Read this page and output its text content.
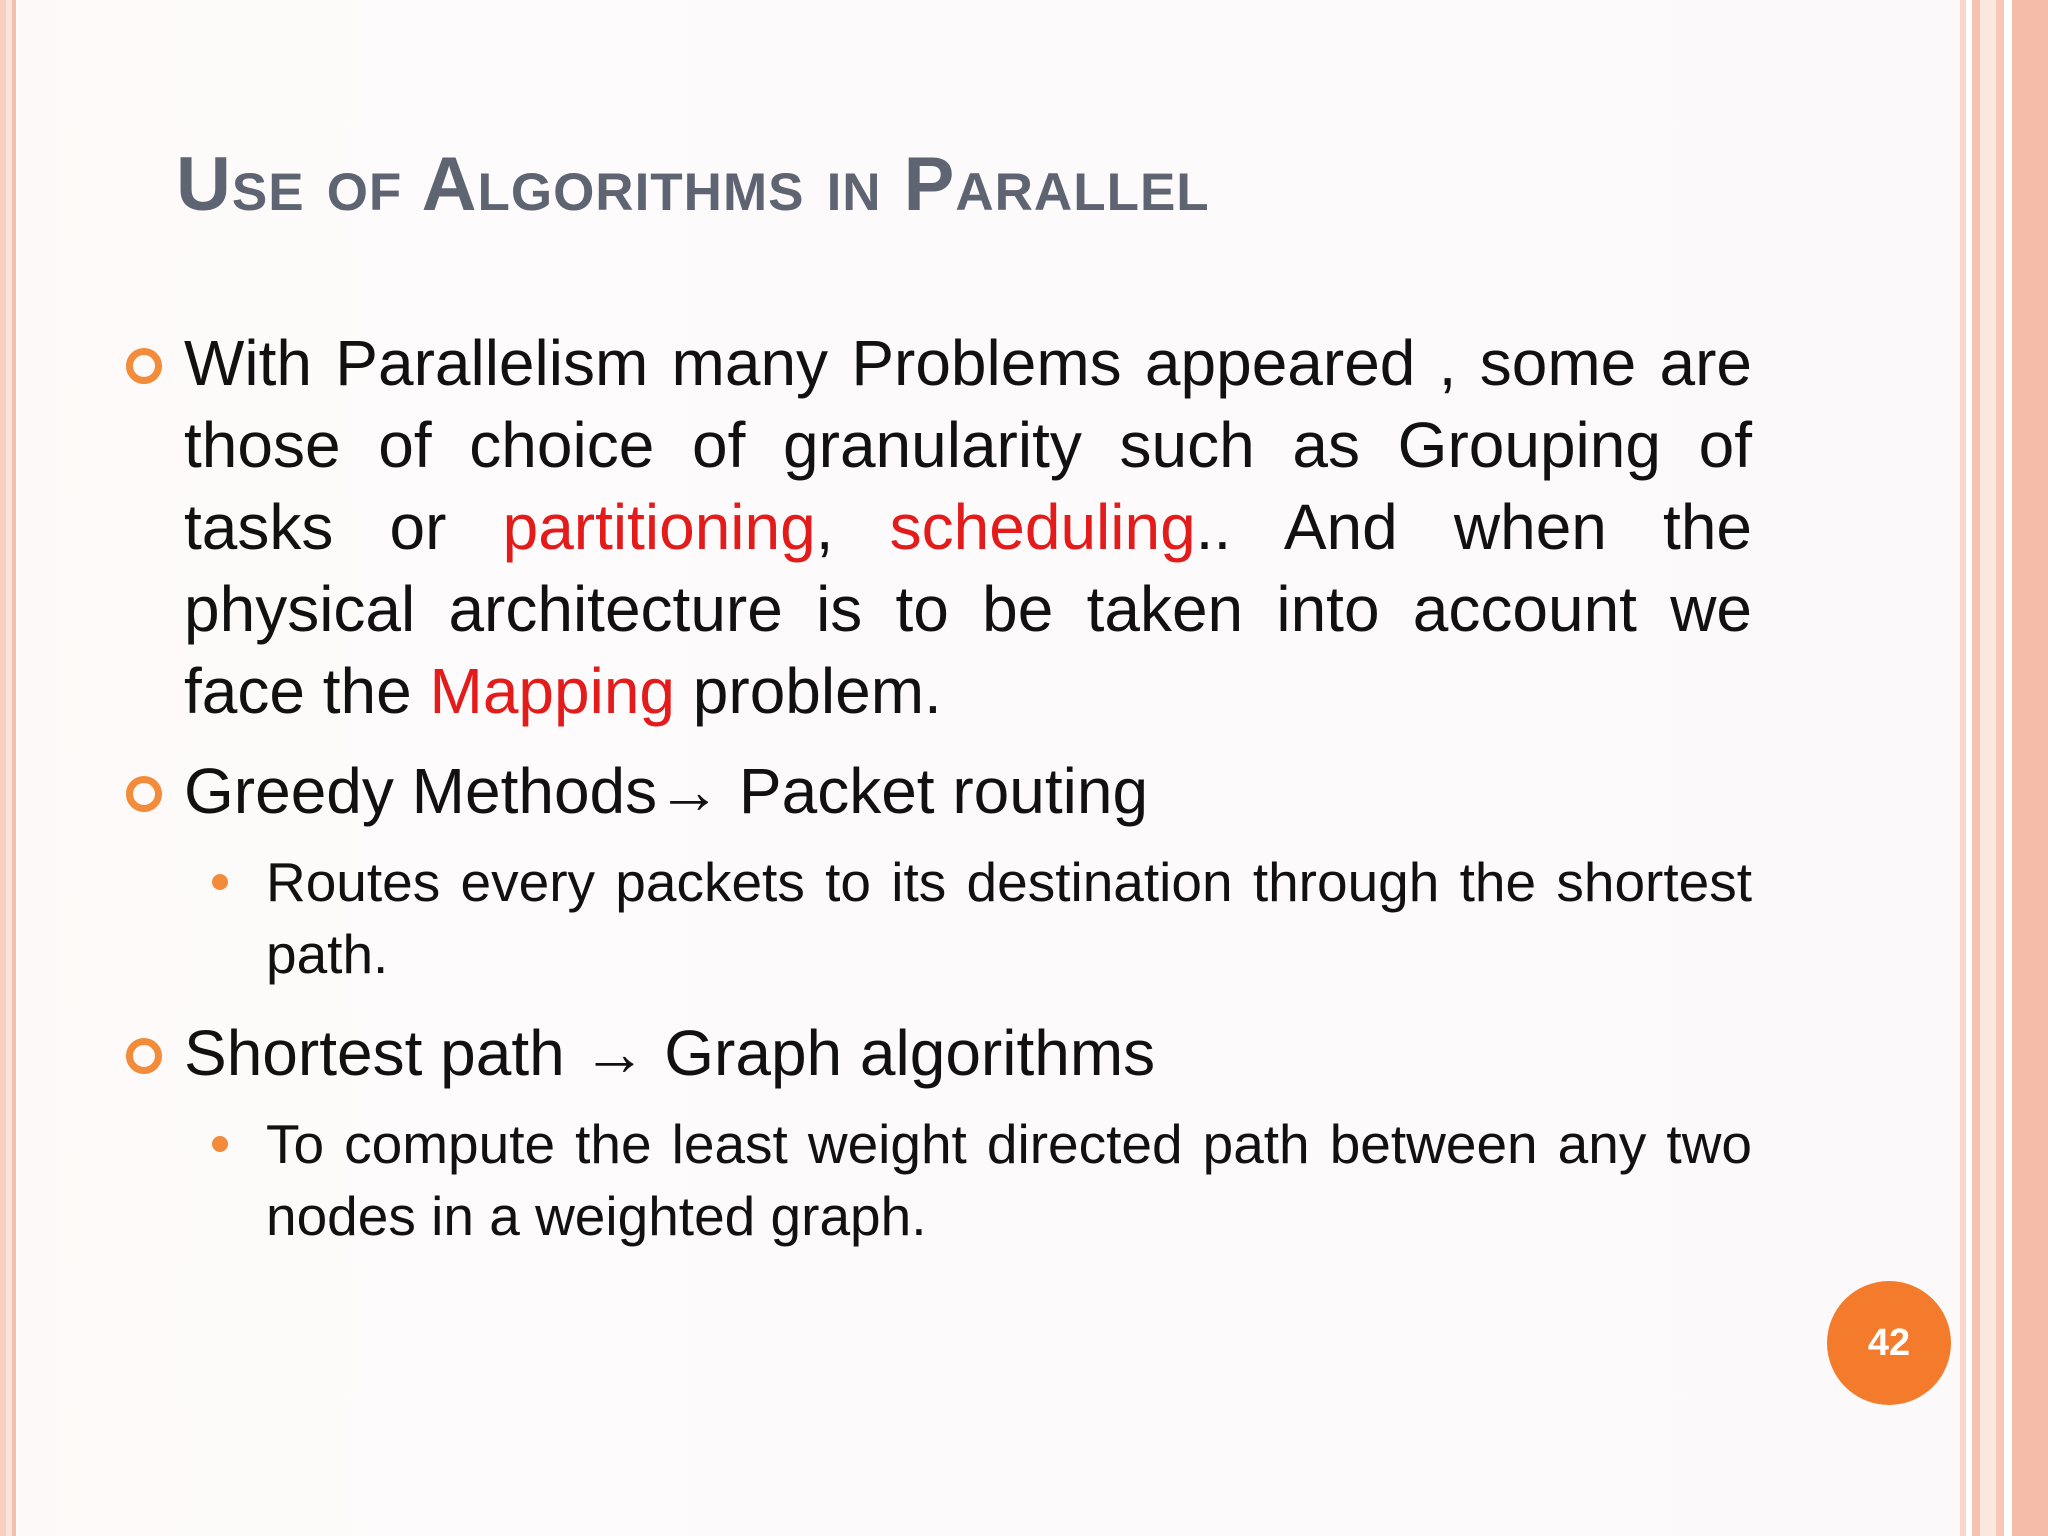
Use of Algorithms in Parallel

With Parallelism many Problems appeared , some are those of choice of granularity such as Grouping of tasks or partitioning, scheduling.. And when the physical architecture is to be taken into account we face the Mapping problem.

Greedy Methods→ Packet routing

Routes every packets to its destination through the shortest path.

Shortest path → Graph algorithms

To compute the least weight directed path between any two nodes in a weighted graph.

42
